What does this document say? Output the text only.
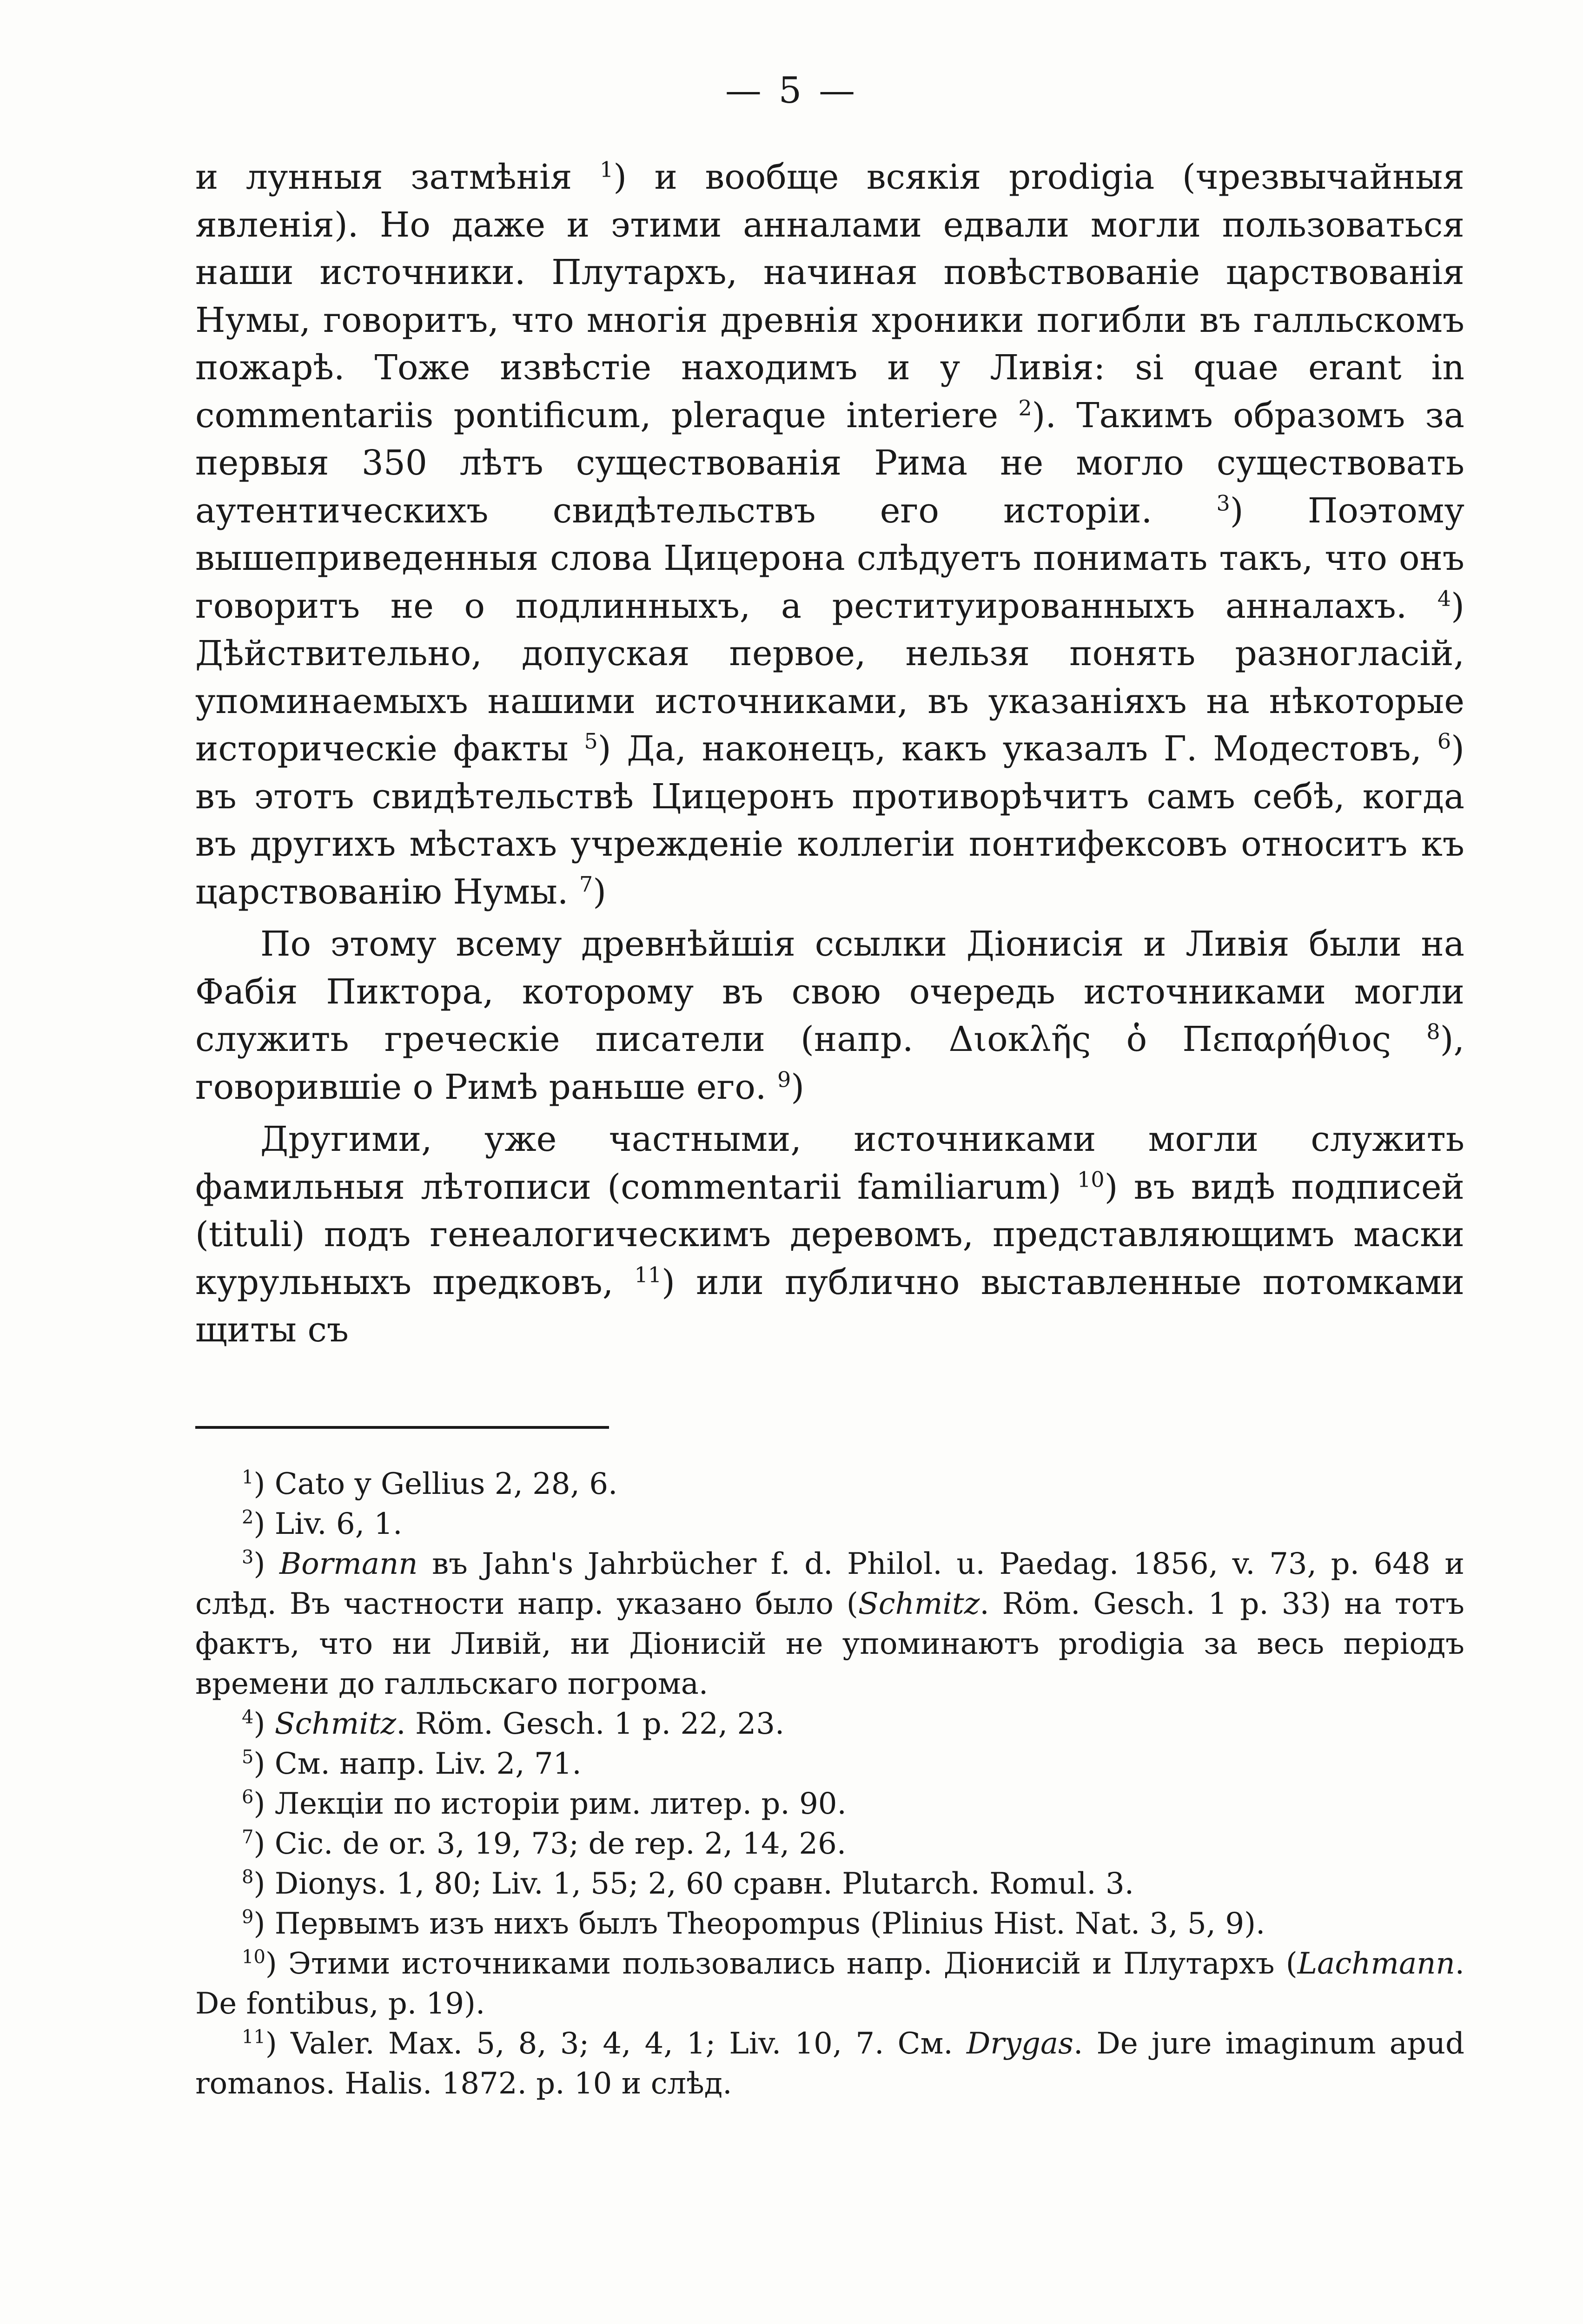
— 5 —

и лунныя затмѣнія $^1$) и вообще всякія prodigia (чрезвычайныя явленія). Но даже и этими анналами едвали могли пользоваться наши источники. Плутархъ, начиная повѣствованіе царствованія Нумы, говоритъ, что многія древнія хроники погибли въ галльскомъ пожарѣ. Тоже извѣстіе находимъ и у Ливія: si quae erant in commentariis pontificum, pleraque interiere $^2$). Такимъ образомъ за первыя 350 лѣтъ существованія Рима не могло существовать аутентическихъ свидѣтельствъ его исторіи. $^3$) Поэтому вышеприведенныя слова Цицерона слѣдуетъ понимать такъ, что онъ говоритъ не о подлинныхъ, а реституированныхъ анналахъ. $^4$) Дѣйствительно, допуская первое, нельзя понять разногласій, упоминаемыхъ нашими источниками, въ указаніяхъ на нѣкоторые историческіе факты $^5$) Да, наконецъ, какъ указалъ Г. Модестовъ, $^6$) въ этотъ свидѣтельствѣ Цицеронъ противорѣчитъ самъ себѣ, когда въ другихъ мѣстахъ учрежденіе коллегіи понтифексовъ относитъ къ царствованію Нумы. $^7$)

По этому всему древнѣйшія ссылки Діонисія и Ливія были на Фабія Пиктора, которому въ свою очередь источниками могли служить греческіе писатели (напр. Διοκλῆς ὁ Πεπαρήθιος $^8$), говорившіе о Римѣ раньше его. $^9$)

Другими, уже частными, источниками могли служить фамильныя лѣтописи (commentarii familiarum) $^{10}$) въ видѣ подписей (tituli) подъ генеалогическимъ деревомъ, представляющимъ маски курульныхъ предковъ, $^{11}$) или публично выставленные потомками щиты съ

$^1$) Cato y Gellius 2, 28, 6.

$^2$) Liv. 6, 1.

$^3$) Bormann въ Jahn's Jahrbücher f. d. Philol. u. Paedag. 1856, v. 73, p. 648 и слѣд. Въ частности напр. указано было (Schmitz. Röm. Gesch. 1 p. 33) на тотъ фактъ, что ни Ливій, ни Діонисій не упоминаютъ prodigia за весь періодъ времени до галльскаго погрома.

$^4$) Schmitz. Röm. Gesch. 1 p. 22, 23.

$^5$) См. напр. Liv. 2, 71.

$^6$) Лекціи по исторіи рим. литер. p. 90.

$^7$) Cic. de or. 3, 19, 73; de rep. 2, 14, 26.

$^8$) Dionys. 1, 80; Liv. 1, 55; 2, 60 сравн. Plutarch. Romul. 3.

$^9$) Первымъ изъ нихъ былъ Theopompus (Plinius Hist. Nat. 3, 5, 9).

$^{10}$) Этими источниками пользовались напр. Діонисій и Плутархъ (Lachmann. De fontibus, p. 19).

$^{11}$) Valer. Max. 5, 8, 3; 4, 4, 1; Liv. 10, 7. См. Drygas. De jure imaginum apud romanos. Halis. 1872. p. 10 и слѣд.
